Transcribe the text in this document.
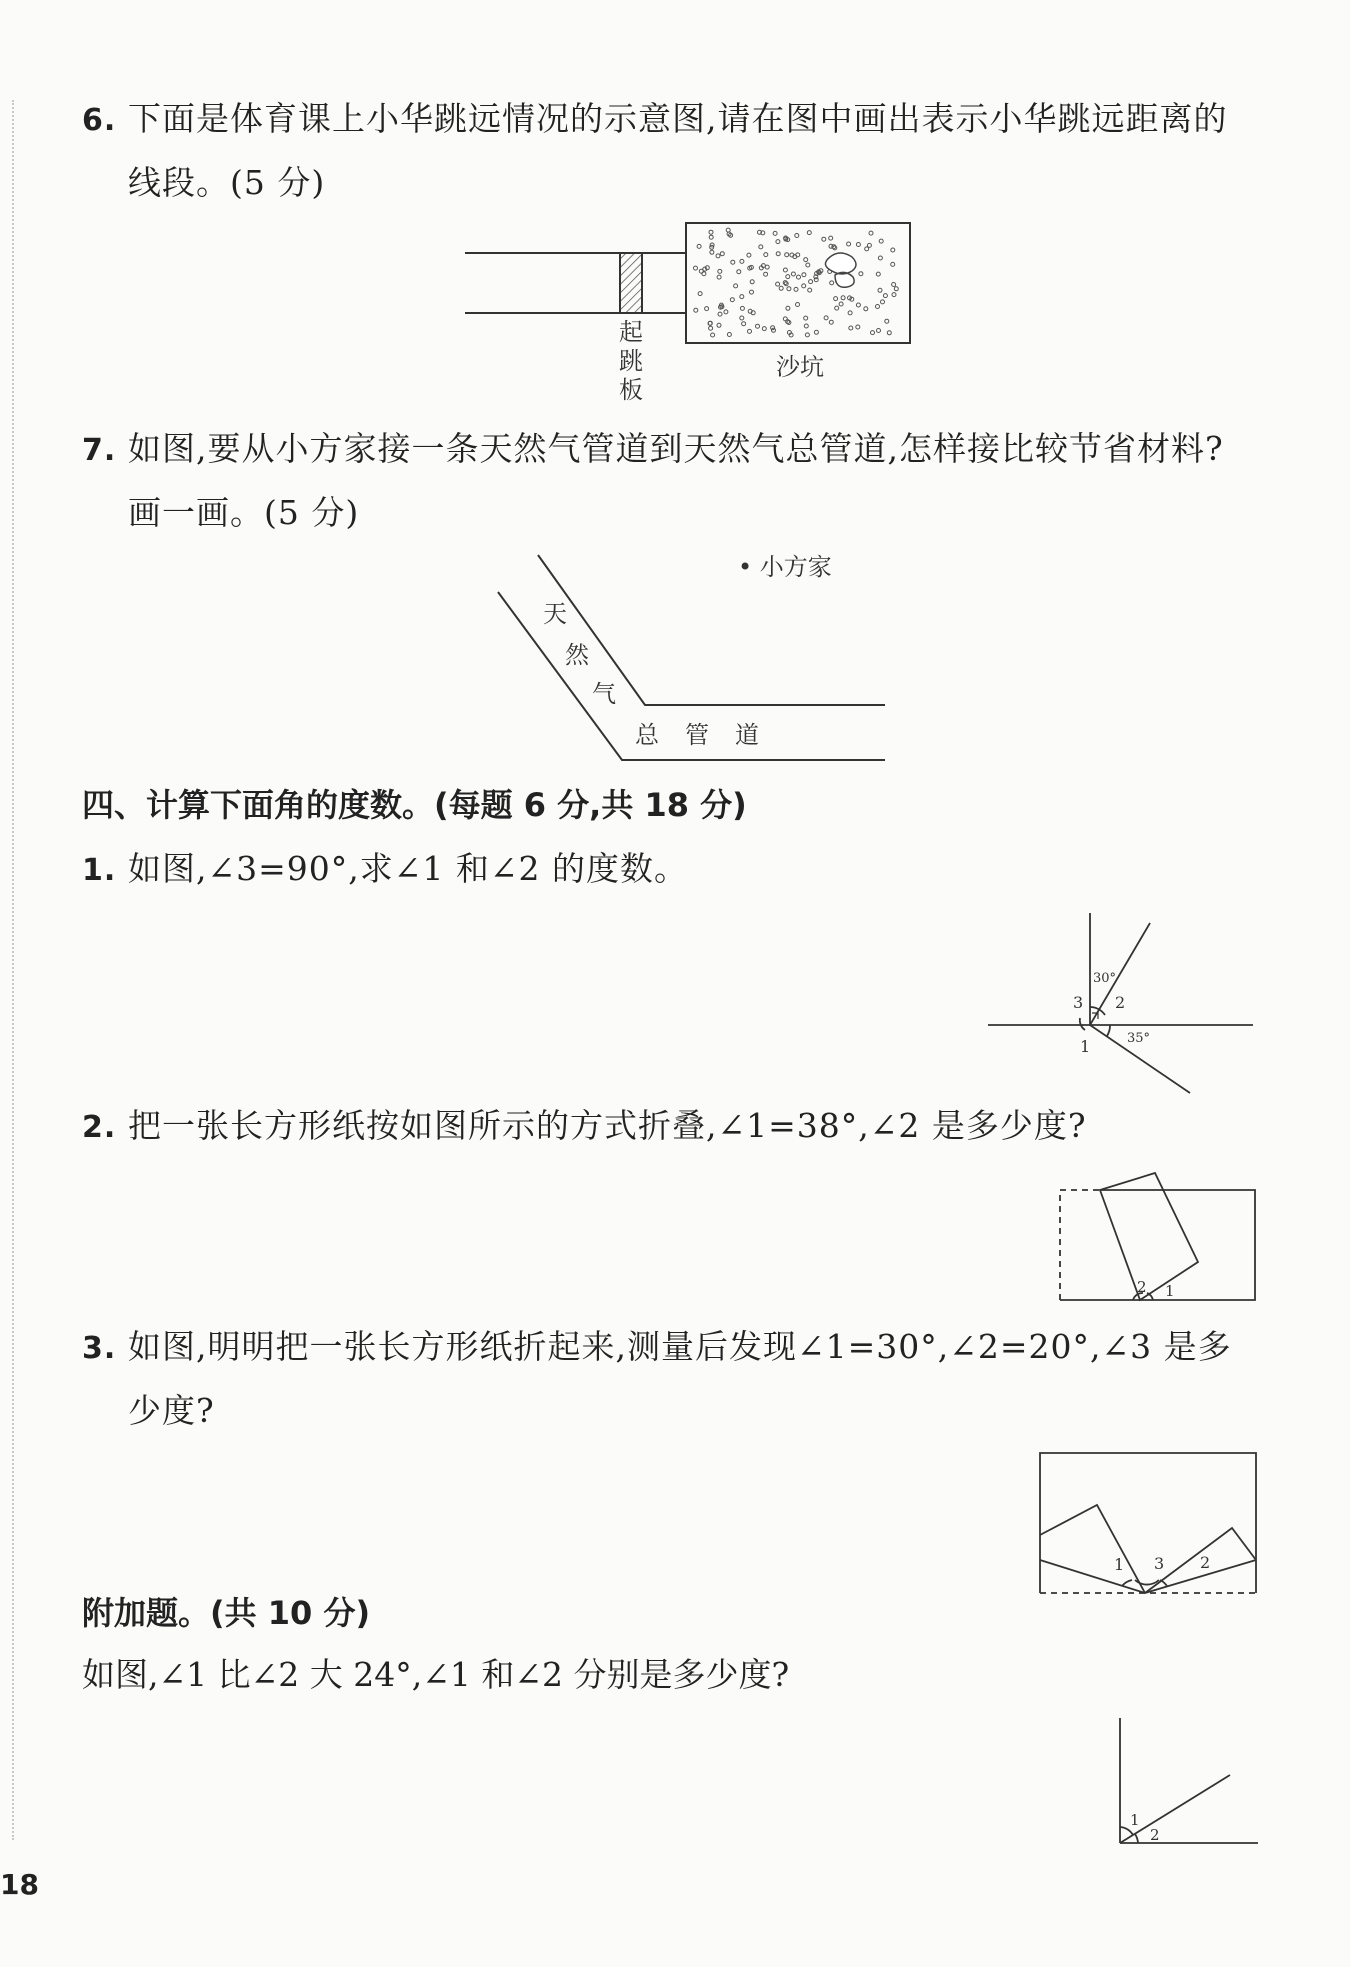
6. 下面是体育课上小华跳远情况的示意图,请在图中画出表示小华跳远距离的
线段。(5 分)
起
跳
板
沙坑
7. 如图,要从小方家接一条天然气管道到天然气总管道,怎样接比较节省材料?
画一画。(5 分)
• 小方家
天
然
气
总 管 道
四、计算下面角的度数。(每题 6 分,共 18 分)
1. 如图,∠3=90°,求∠1 和∠2 的度数。
30°
3 2
35°
1
2. 把一张长方形纸按如图所示的方式折叠,∠1=38°,∠2 是多少度?
2 1
3. 如图,明明把一张长方形纸折起来,测量后发现∠1=30°,∠2=20°,∠3 是多
少度?
1 3 2
附加题。(共 10 分)
如图,∠1 比∠2 大 24°,∠1 和∠2 分别是多少度?
1
2
18
